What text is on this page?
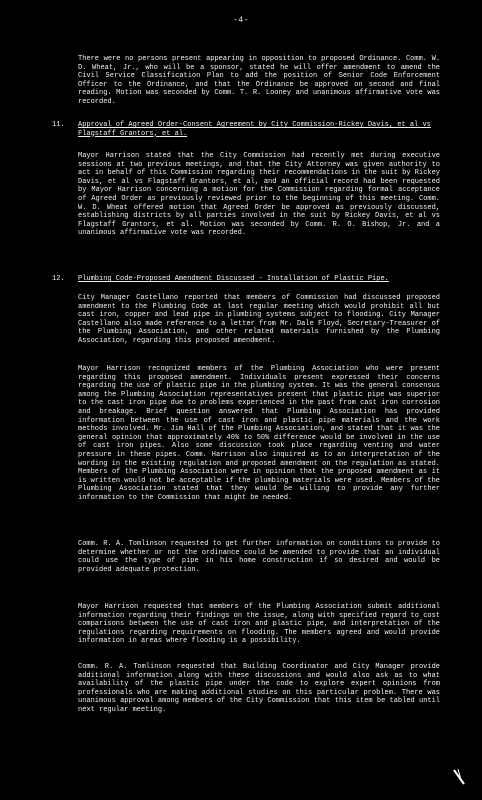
-4-

There were no persons present appearing in opposition to proposed Ordinance. Comm. W. D. Wheat, Jr., who will be a sponsor, stated he will offer amendment to amend the Civil Service Classification Plan to add the position of Senior Code Enforcement Officer to the Ordinance, and that the Ordinance be approved on second and final reading. Motion was seconded by Comm. T. R. Looney and unanimous affirmative vote was recorded.

11. Approval of Agreed Order-Consent Agreement by City Commission-Rickey Davis, et al vs Flagstaff Grantors, et al.

Mayor Harrison stated that the City Commission had recently met during executive sessions at two previous meetings, and that the City Attorney was given authority to act in behalf of this Commission regarding their recommendations in the suit by Rickey Davis, et al vs Flagstaff Grantors, et al, and an official record had been requested by Mayor Harrison concerning a motion for the Commission regarding formal acceptance of Agreed Order as previously reviewed prior to the beginning of this meeting. Comm. W. D. Wheat offered motion that Agreed Order be approved as previously discussed, establishing districts by all parties involved in the suit by Rickey Davis, et al vs Flagstaff Grantors, et al. Motion was seconded by Comm. R. O. Bishop, Jr. and a unanimous affirmative vote was recorded.

12. Plumbing Code-Proposed Amendment Discussed - Installation of Plastic Pipe.

City Manager Castellano reported that members of Commission had discussed proposed amendment to the Plumbing Code at last regular meeting which would prohibit all but cast iron, copper and lead pipe in plumbing systems subject to flooding. City Manager Castellano also made reference to a letter from Mr. Dale Floyd, Secretary-Treasurer of the Plumbing Association, and other related materials furnished by the Plumbing Association, regarding this proposed amendment.

Mayor Harrison recognized members of the Plumbing Association who were present regarding this proposed amendment. Individuals present expressed their concerns regarding the use of plastic pipe in the plumbing system. It was the general consensus among the Plumbing Association representatives present that plastic pipe was superior to the cast iron pipe due to problems experienced in the past from cast iron corrosion and breakage. Brief question answered that Plumbing Association has provided information between the use of cast iron and plastic pipe materials and the work methods involved. Mr. Jim Hall of the Plumbing Association, and stated that it was the general opinion that approximately 40% to 50% difference would be involved in the use of cast iron pipes. Also some discussion took place regarding venting and water pressure in these pipes. Comm. Harrison also inquired as to an interpretation of the wording in the existing regulation and proposed amendment on the regulation as stated. Members of the Plumbing Association were in opinion that the proposed amendment as it is written would not be acceptable if the plumbing materials were used. Members of the Plumbing Association stated that they would be willing to provide any further information to the Commission that might be needed.

Comm. R. A. Tomlinson requested to get further information on conditions to provide to determine whether or not the ordinance could be amended to provide that an individual could use the type of pipe in his home construction if so desired and would be provided adequate protection.

Mayor Harrison requested that members of the Plumbing Association submit additional information regarding their findings on the issue, along with specified regard to cost comparisons between the use of cast iron and plastic pipe, and interpretation of the regulations regarding requirements on flooding. The members agreed and would provide information in areas where flooding is a possibility.

Comm. R. A. Tomlinson requested that Building Coordinator and City Manager provide additional information along with these discussions and would also ask as to what availability of the plastic pipe under the code to explore expert opinions from professionals who are making additional studies on this particular problem. There was unanimous approval among members of the City Commission that this item be tabled until next regular meeting.
